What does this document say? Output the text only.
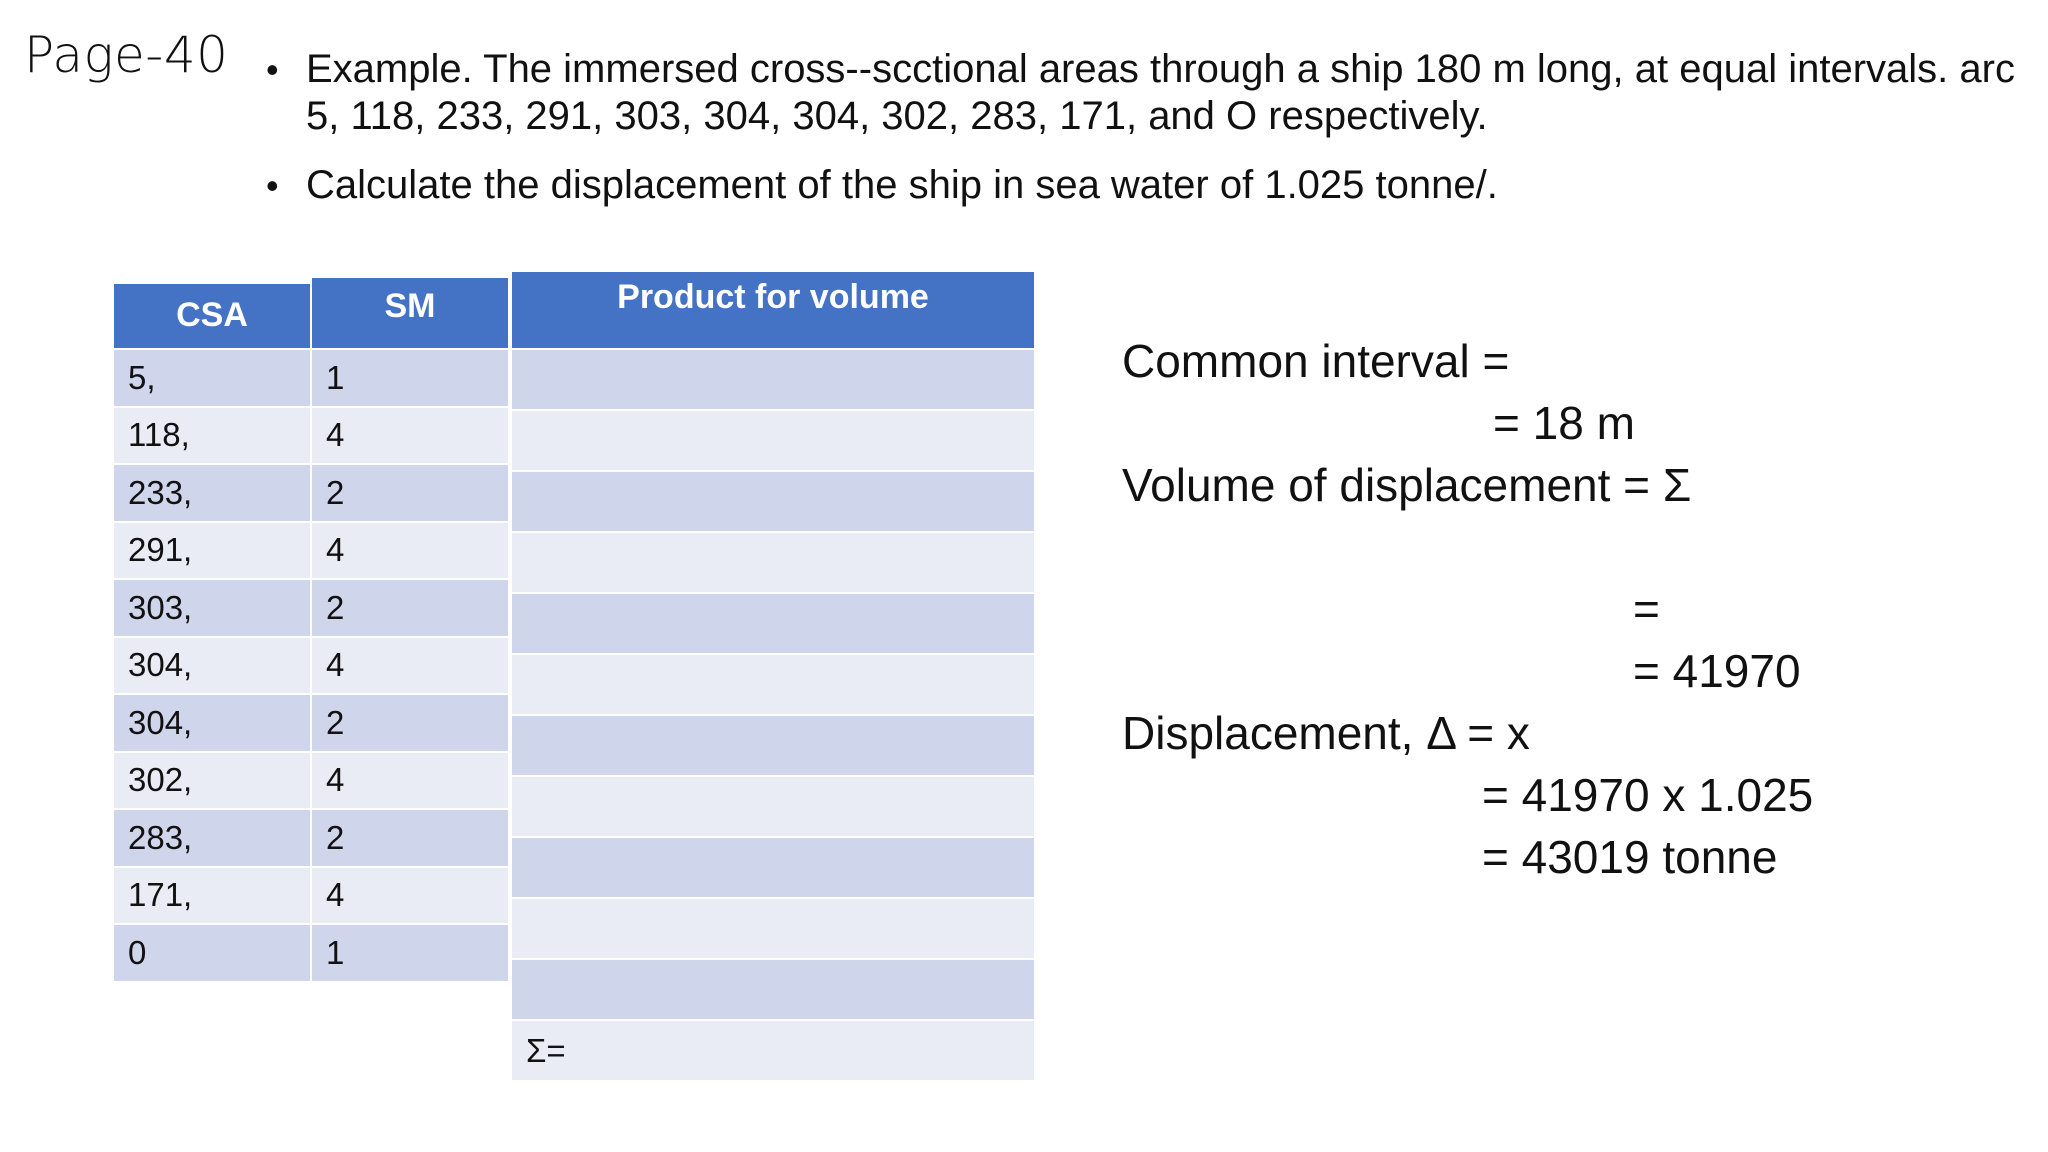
Page-40 • Example. The immersed cross--scctional areas through a ship 180 m long, at equal intervals. arc 5, 118, 233, 291, 303, 304, 304, 302, 283, 171, and O respectively.
• Calculate the displacement of the ship in sea water of 1.025 tonne/.
CSA
5,
118,
233,
291,
303,
304,
304,
302,
283,
171,
0
SM
1
4
2
4
2
4
2
4
2
4
1
Product for volume
Σ=
Common interval =
= 18 m
Volume of displacement = Σ
=
= 41970
Displacement, Δ = x
= 41970 x 1.025
= 43019 tonne
